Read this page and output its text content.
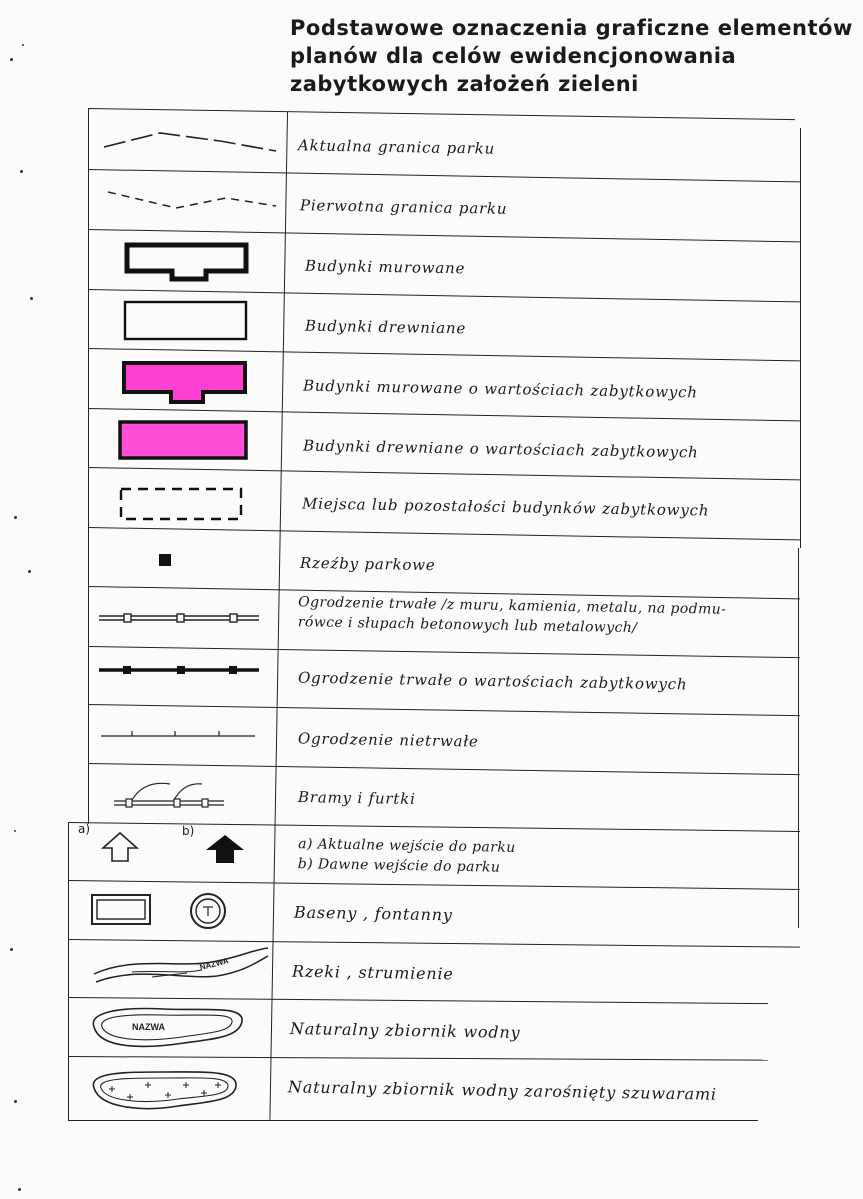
Podstawowe oznaczenia graficzne elementów
planów dla celów ewidencjonowania
zabytkowych założeń zieleni
Aktualna granica parku
Pierwotna granica parku
Budynki murowane
Budynki drewniane
Budynki murowane o wartościach zabytkowych
Budynki drewniane o wartościach zabytkowych
Miejsca lub pozostałości budynków zabytkowych
Rzeźby parkowe
Ogrodzenie trwałe /z muru, kamienia, metalu, na podmu-
rówce i słupach betonowych lub metalowych/
Ogrodzenie trwałe o wartościach zabytkowych
Ogrodzenie nietrwałe
Bramy i furtki
a)	b)
a) Aktualne wejście do parku
b) Dawne wejście do parku
Baseny , fontanny
NAZWA	Rzeki , strumienie
NAZWA	Naturalny zbiornik wodny
Naturalny zbiornik wodny zarośnięty szuwarami
